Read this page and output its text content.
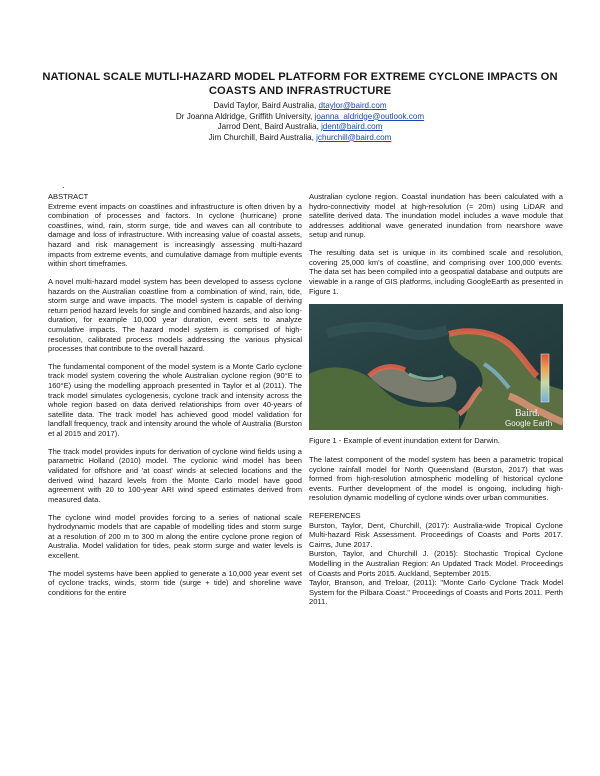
NATIONAL SCALE MUTLI-HAZARD MODEL PLATFORM FOR EXTREME CYCLONE IMPACTS ON COASTS AND INFRASTRUCTURE
David Taylor, Baird Australia, dtaylor@baird.com
Dr Joanna Aldridge, Griffith University, joanna_aldridge@outlook.com
Jarrod Dent, Baird Australia, jdent@baird.com
Jim Churchill, Baird Australia, jchurchill@baird.com
.
ABSTRACT

Extreme event impacts on coastlines and infrastructure is often driven by a combination of processes and factors. In cyclone (hurricane) prone coastlines, wind, rain, storm surge, tide and waves can all contribute to damage and loss of infrastructure. With increasing value of coastal assets, hazard and risk management is increasingly assessing multi-hazard impacts from extreme events, and cumulative damage from multiple events within short timeframes.

A novel multi-hazard model system has been developed to assess cyclone hazards on the Australian coastline from a combination of wind, rain, tide, storm surge and wave impacts. The model system is capable of deriving return period hazard levels for single and combined hazards, and also long-duration, for example 10,000 year duration, event sets to analyze cumulative impacts. The hazard model system is comprised of high-resolution, calibrated process models addressing the various physical processes that contribute to the overall hazard.

The fundamental component of the model system is a Monte Carlo cyclone track model system covering the whole Australian cyclone region (90°E to 160°E) using the modelling approach presented in Taylor et al (2011). The track model simulates cyclogenesis, cyclone track and intensity across the whole region based on data derived relationships from over 40-years of satellite data. The track model has achieved good model validation for landfall frequency, track and intensity around the whole of Australia (Burston et al 2015 and 2017).

The track model provides inputs for derivation of cyclone wind fields using a parametric Holland (2010) model. The cyclonic wind model has been validated for offshore and 'at coast' winds at selected locations and the derived wind hazard levels from the Monte Carlo model have good agreement with 20 to 100-year ARI wind speed estimates derived from measured data.

The cyclone wind model provides forcing to a series of national scale hydrodynamic models that are capable of modelling tides and storm surge at a resolution of 200 m to 300 m along the entire cyclone prone region of Australia. Model validation for tides, peak storm surge and water levels is excellent.

The model systems have been applied to generate a 10,000 year event set of cyclone tracks, winds, storm tide (surge + tide) and shoreline wave conditions for the entire

Australian cyclone region. Coastal inundation has been calculated with a hydro-connectivity model at high-resolution (≈ 20m) using LiDAR and satellite derived data. The inundation model includes a wave module that addresses additional wave generated inundation from nearshore wave setup and runup.

The resulting data set is unique in its combined scale and resolution, covering 25,000 km's of coastline, and comprising over 100,000 events. The data set has been compiled into a geospatial database and outputs are viewable in a range of GIS platforms, including GoogleEarth as presented in Figure 1.

Baird.
Google Earth
Figure 1 - Example of event inundation extent for Darwin.

The latest component of the model system has been a parametric tropical cyclone rainfall model for North Queensland (Burston, 2017) that was formed from high-resolution atmospheric modelling of historical cyclone events. Further development of the model is ongoing, including high-resolution dynamic modelling of cyclone winds over urban communities.

REFERENCES
Burston, Taylor, Dent, Churchill, (2017): Australia-wide Tropical Cyclone Multi-hazard Risk Assessment. Proceedings of Coasts and Ports 2017. Cairns, June 2017.
Burston, Taylor, and Churchill J. (2015): Stochastic Tropical Cyclone Modelling in the Australian Region: An Updated Track Model. Proceedings of Coasts and Ports 2015. Auckland, September 2015.
Taylor, Branson, and Treloar, (2011): "Monte Carlo Cyclone Track Model System for the Pilbara Coast." Proceedings of Coasts and Ports 2011. Perth 2011.
